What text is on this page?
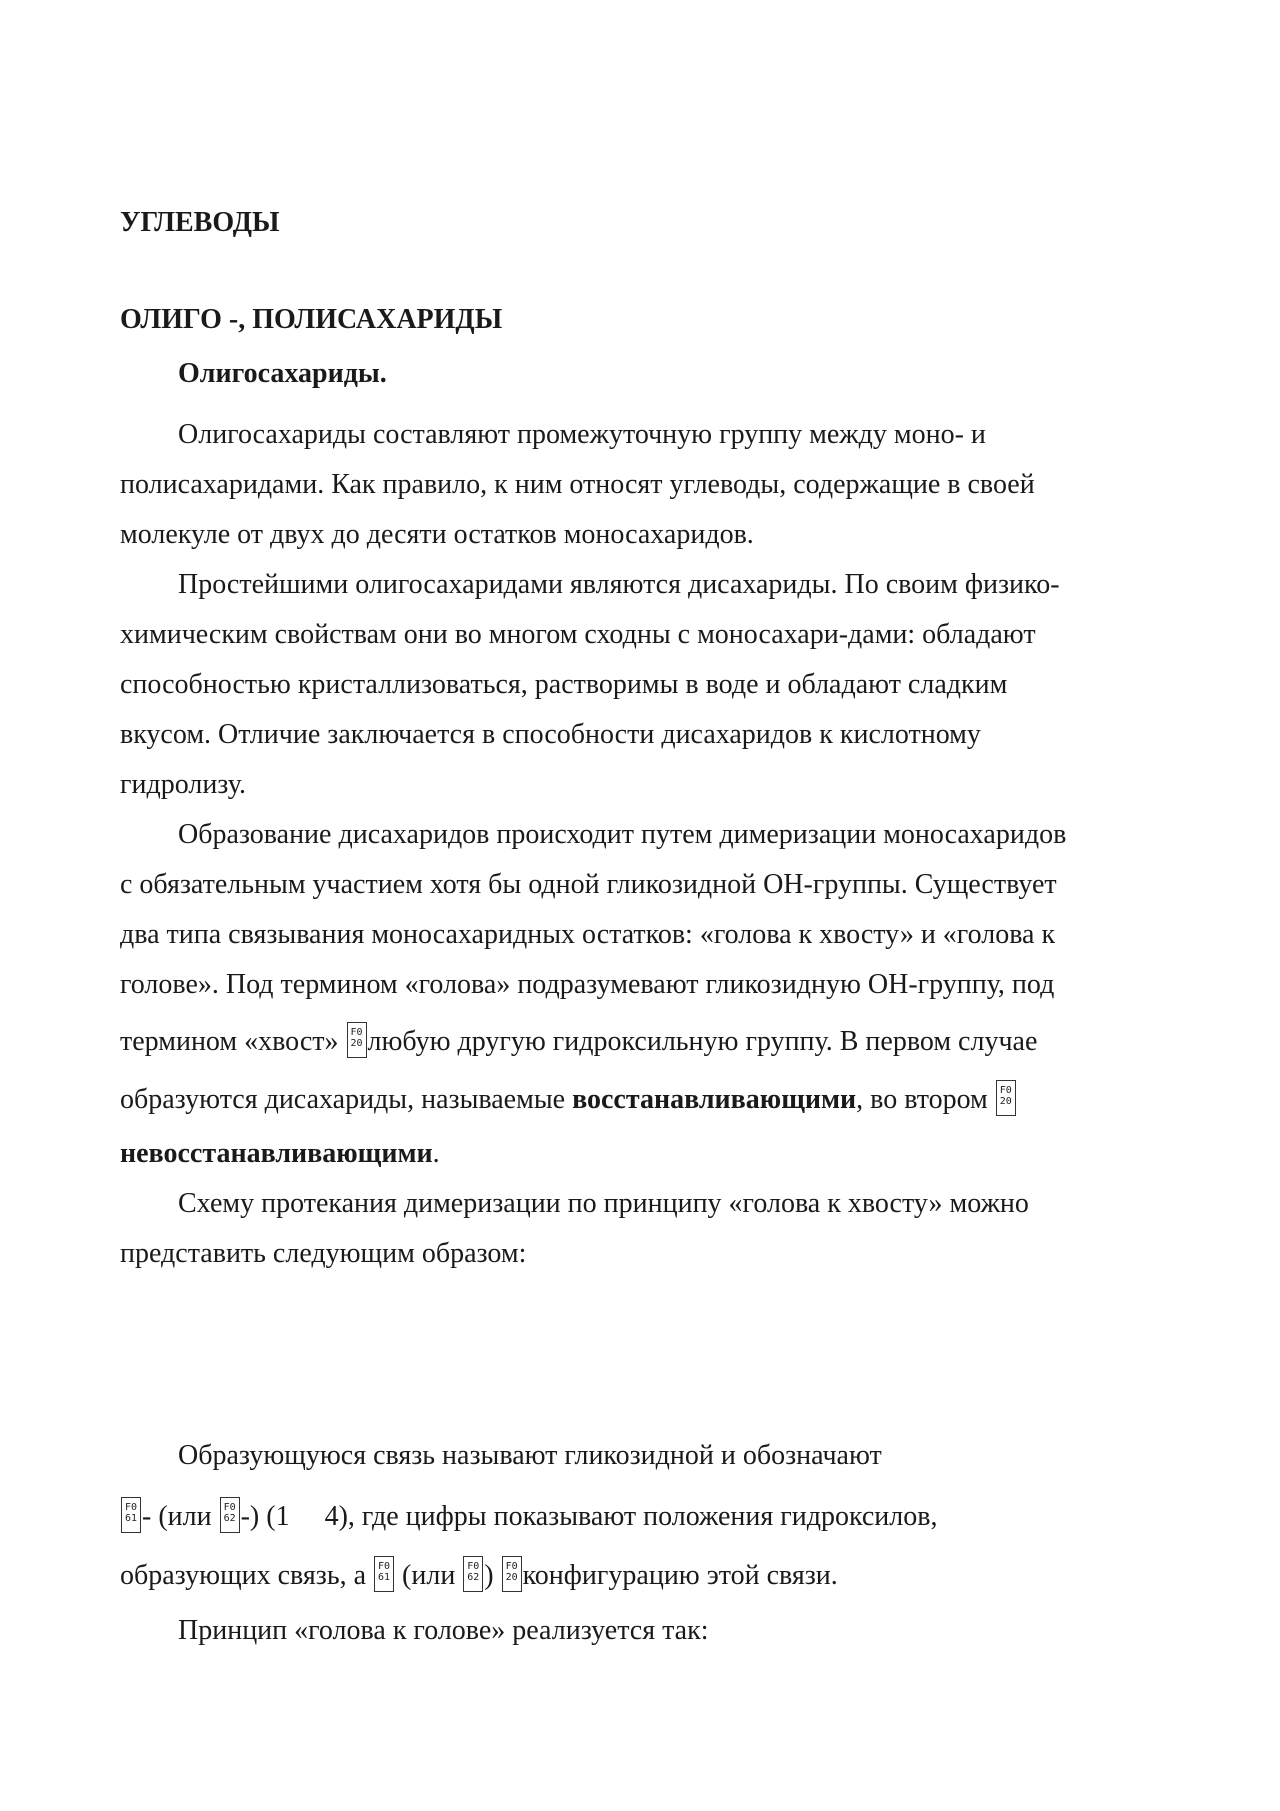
УГЛЕВОДЫ
ОЛИГО -, ПОЛИСАХАРИДЫ
Олигосахариды.
Олигосахариды составляют промежуточную группу между моно- и
полисахаридами. Как правило, к ним относят углеводы, содержащие в своей
молекуле от двух до десяти остатков моносахаридов.
Простейшими олигосахаридами являются дисахариды. По своим физико-
химическим свойствам они во многом сходны с моносахари-дами: обладают
способностью кристаллизоваться, растворимы в воде и обладают сладким
вкусом. Отличие заключается в способности дисахаридов к кислотному
гидролизу.
Образование дисахаридов происходит путем димеризации моносахаридов
с обязательным участием хотя бы одной гликозидной ОН-группы. Существует
два типа связывания моносахаридных остатков: «голова к хвосту» и «голова к
голове». Под термином «голова» подразумевают гликозидную ОН-группу, под
термином «хвост» F0
20 любую другую гидроксильную группу. В первом случае
образуются дисахариды, называемые восстанавливающими, во втором F0
20
невосстанавливающими.
Схему протекания димеризации по принципу «голова к хвосту» можно
представить следующим образом:
Образующуюся связь называют гликозидной и обозначают
F0
61 - (или F0
62 -) (1 4), где цифры показывают положения гидроксилов,
образующих связь, а F0
61 (или F0
62 ) F0
20 конфигурацию этой связи.
Принцип «голова к голове» реализуется так:
